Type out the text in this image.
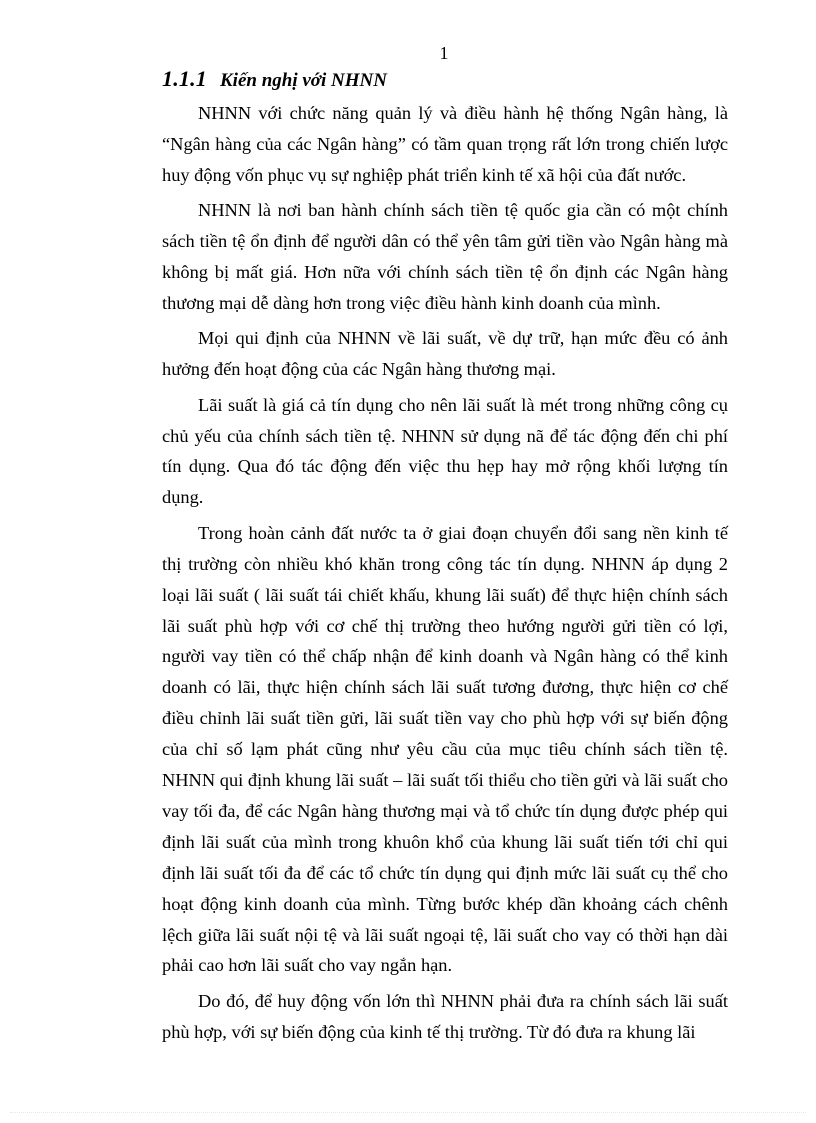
1
1.1.1 Kiến nghị với NHNN

NHNN với chức năng quản lý và điều hành hệ thống Ngân hàng, là “Ngân hàng của các Ngân hàng” có tầm quan trọng rất lớn trong chiến lược huy động vốn phục vụ sự nghiệp phát triển kinh tế xã hội của đất nước.

NHNN là nơi ban hành chính sách tiền tệ quốc gia cần có một chính sách tiền tệ ổn định để người dân có thể yên tâm gửi tiền vào Ngân hàng mà không bị mất giá. Hơn nữa với chính sách tiền tệ ổn định các Ngân hàng thương mại dễ dàng hơn trong việc điều hành kinh doanh của mình.

Mọi qui định của NHNN về lãi suất, về dự trữ, hạn mức đều có ảnh hưởng đến hoạt động của các Ngân hàng thương mại.

Lãi suất là giá cả tín dụng cho nên lãi suất là mét trong những công cụ chủ yếu của chính sách tiền tệ. NHNN sử dụng nã để tác động đến chi phí tín dụng. Qua đó tác động đến việc thu hẹp hay mở rộng khối lượng tín dụng.

Trong hoàn cảnh đất nước ta ở giai đoạn chuyển đổi sang nền kinh tế thị trường còn nhiều khó khăn trong công tác tín dụng. NHNN áp dụng 2 loại lãi suất ( lãi suất tái chiết khấu, khung lãi suất) để thực hiện chính sách lãi suất phù hợp với cơ chế thị trường theo hướng người gửi tiền có lợi, người vay tiền có thể chấp nhận để kinh doanh và Ngân hàng có thể kinh doanh có lãi, thực hiện chính sách lãi suất tương đương, thực hiện cơ chế điều chỉnh lãi suất tiền gửi, lãi suất tiền vay cho phù hợp với sự biến động của chỉ số lạm phát cũng như yêu cầu của mục tiêu chính sách tiền tệ. NHNN qui định khung lãi suất – lãi suất tối thiểu cho tiền gửi và lãi suất cho vay tối đa, để các Ngân hàng thương mại và tổ chức tín dụng được phép qui định lãi suất của mình trong khuôn khổ của khung lãi suất tiến tới chỉ qui định lãi suất tối đa để các tổ chức tín dụng qui định mức lãi suất cụ thể cho hoạt động kinh doanh của mình. Từng bước khép dần khoảng cách chênh lệch giữa lãi suất nội tệ và lãi suất ngoại tệ, lãi suất cho vay có thời hạn dài phải cao hơn lãi suất cho vay ngắn hạn.

Do đó, để huy động vốn lớn thì NHNN phải đưa ra chính sách lãi suất phù hợp, với sự biến động của kinh tế thị trường. Từ đó đưa ra khung lãi
